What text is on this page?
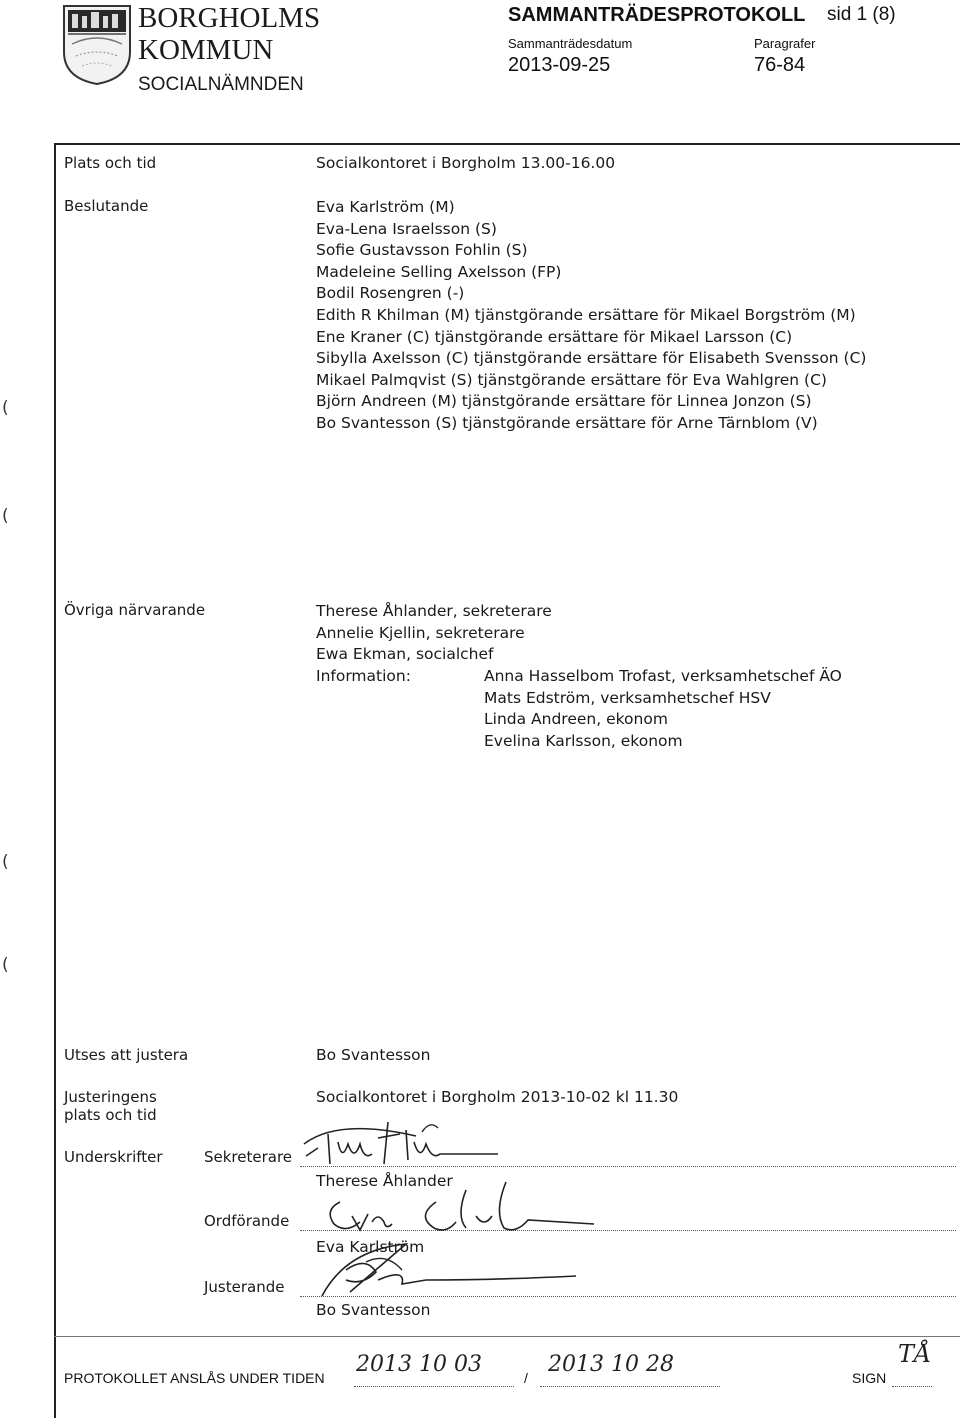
BORGHOLMS
KOMMUN
SOCIALNÄMNDEN
SAMMANTRÄDESPROTOKOLL sid 1 (8)
Sammanträdesdatum
2013-09-25
Paragrafer
76-84
Plats och tid	Socialkontoret i Borgholm 13.00-16.00
Beslutande	Eva Karlström (M)
Eva-Lena Israelsson (S)
Sofie Gustavsson Fohlin (S)
Madeleine Selling Axelsson (FP)
Bodil Rosengren (-)
Edith R Khilman (M) tjänstgörande ersättare för Mikael Borgström (M)
Ene Kraner (C) tjänstgörande ersättare för Mikael Larsson (C)
Sibylla Axelsson (C) tjänstgörande ersättare för Elisabeth Svensson (C)
Mikael Palmqvist (S) tjänstgörande ersättare för Eva Wahlgren (C)
Björn Andreen (M) tjänstgörande ersättare för Linnea Jonzon (S)
Bo Svantesson (S) tjänstgörande ersättare för Arne Tärnblom (V)
(
(
(
(
Övriga närvarande	Therese Åhlander, sekreterare
Annelie Kjellin, sekreterare
Ewa Ekman, socialchef
Information:	Anna Hasselbom Trofast, verksamhetschef ÄO
Mats Edström, verksamhetschef HSV
Linda Andreen, ekonom
Evelina Karlsson, ekonom
Utses att justera	Bo Svantesson
Justeringens
plats och tid
Socialkontoret i Borgholm 2013-10-02 kl 11.30
Underskrifter	Sekreterare
Therese Åhlander
Ordförande
Eva Karlström
Justerande
Bo Svantesson
PROTOKOLLET ANSLÅS UNDER TIDEN
2013 10 03
/
2013 10 28
SIGN
TÅ
